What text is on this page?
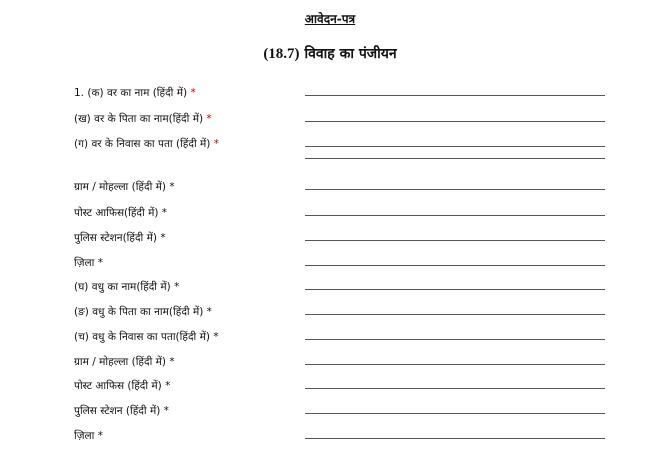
आवेदन-पत्र
(18.7) विवाह का पंजीयन
1. (क) वर का नाम (हिंदी में) *
(ख) वर के पिता का नाम(हिंदी में) *
(ग) वर के निवास का पता (हिंदी में) *
ग्राम / मोहल्ला (हिंदी में) *
पोस्ट आफिस(हिंदी में) *
पुलिस स्टेशन(हिंदी में) *
ज़िला *
(घ) वधु का नाम(हिंदी में) *
(ङ) वधु के पिता का नाम(हिंदी में) *
(च) वधु के निवास का पता(हिंदी में) *
ग्राम / मोहल्ला (हिंदी में) *
पोस्ट आफिस (हिंदी में) *
पुलिस स्टेशन (हिंदी में) *
ज़िला *
